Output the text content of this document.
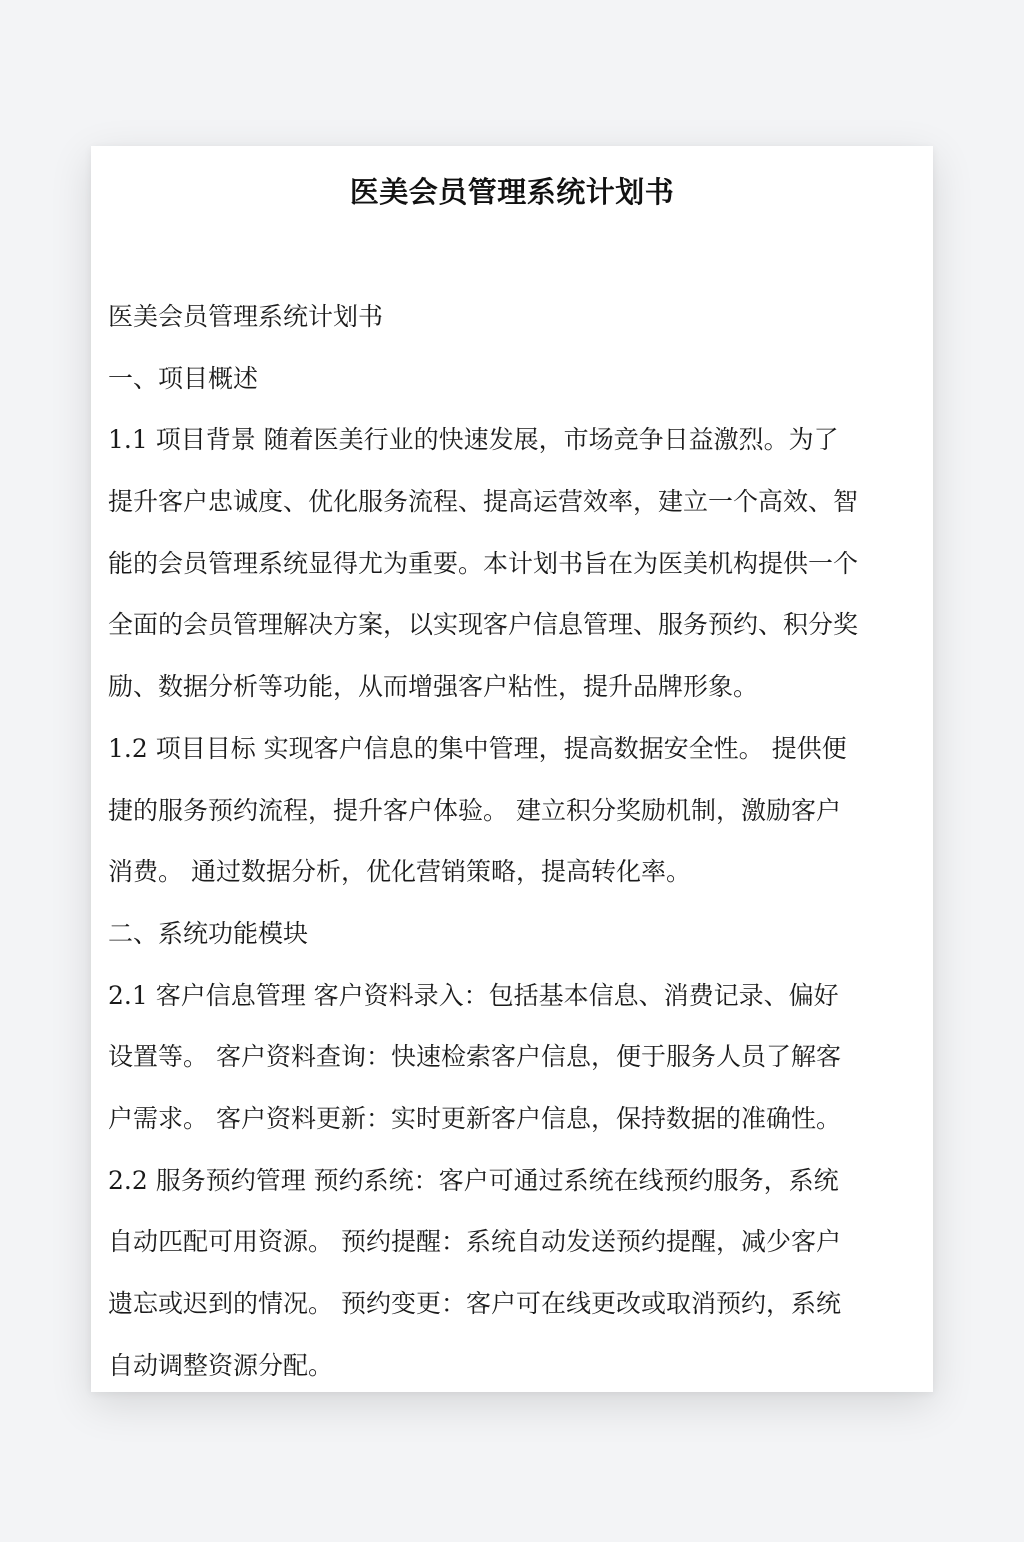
医美会员管理系统计划书
医美会员管理系统计划书
一、项目概述
1.1 项目背景 随着医美行业的快速发展，市场竞争日益激烈。为了
提升客户忠诚度、优化服务流程、提高运营效率，建立一个高效、智
能的会员管理系统显得尤为重要。本计划书旨在为医美机构提供一个
全面的会员管理解决方案，以实现客户信息管理、服务预约、积分奖
励、数据分析等功能，从而增强客户粘性，提升品牌形象。
1.2 项目目标 实现客户信息的集中管理，提高数据安全性。 提供便
捷的服务预约流程，提升客户体验。 建立积分奖励机制，激励客户
消费。 通过数据分析，优化营销策略，提高转化率。
二、系统功能模块
2.1 客户信息管理 客户资料录入：包括基本信息、消费记录、偏好
设置等。 客户资料查询：快速检索客户信息，便于服务人员了解客
户需求。 客户资料更新：实时更新客户信息，保持数据的准确性。
2.2 服务预约管理 预约系统：客户可通过系统在线预约服务，系统
自动匹配可用资源。 预约提醒：系统自动发送预约提醒，减少客户
遗忘或迟到的情况。 预约变更：客户可在线更改或取消预约，系统
自动调整资源分配。
